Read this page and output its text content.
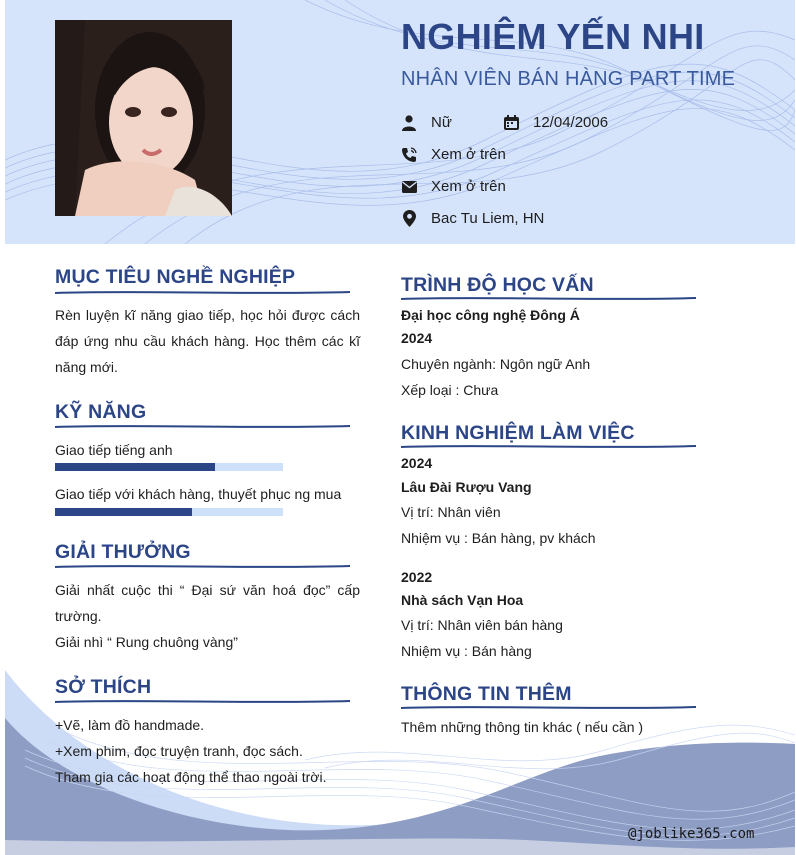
NGHIÊM YẾN NHI
NHÂN VIÊN BÁN HÀNG PART TIME
Nữ	12/04/2006
Xem ở trên
Xem ở trên
Bac Tu Liem, HN
MỤC TIÊU NGHỀ NGHIỆP
Rèn luyện kĩ năng giao tiếp, học hỏi được cách đáp ứng nhu cầu khách hàng. Học thêm các kĩ năng mới.
KỸ NĂNG
Giao tiếp tiếng anh
Giao tiếp với khách hàng, thuyết phục ng mua
GIẢI THƯỞNG
Giải nhất cuộc thi “ Đại sứ văn hoá đọc” cấp trường.
Giải nhì “ Rung chuông vàng”
SỞ THÍCH
+Vẽ, làm đồ handmade.
+Xem phim, đọc truyện tranh, đọc sách.
Tham gia các hoạt động thể thao ngoài trời.
TRÌNH ĐỘ HỌC VẤN
Đại học công nghệ Đông Á
2024
Chuyên ngành: Ngôn ngữ Anh
Xếp loại : Chưa
KINH NGHIỆM LÀM VIỆC
2024
Lâu Đài Rượu Vang
Vị trí: Nhân viên
Nhiệm vụ : Bán hàng, pv khách
2022
Nhà sách Vạn Hoa
Vị trí: Nhân viên bán hàng
Nhiệm vụ : Bán hàng
THÔNG TIN THÊM
Thêm những thông tin khác ( nếu cần )
@joblike365.com
